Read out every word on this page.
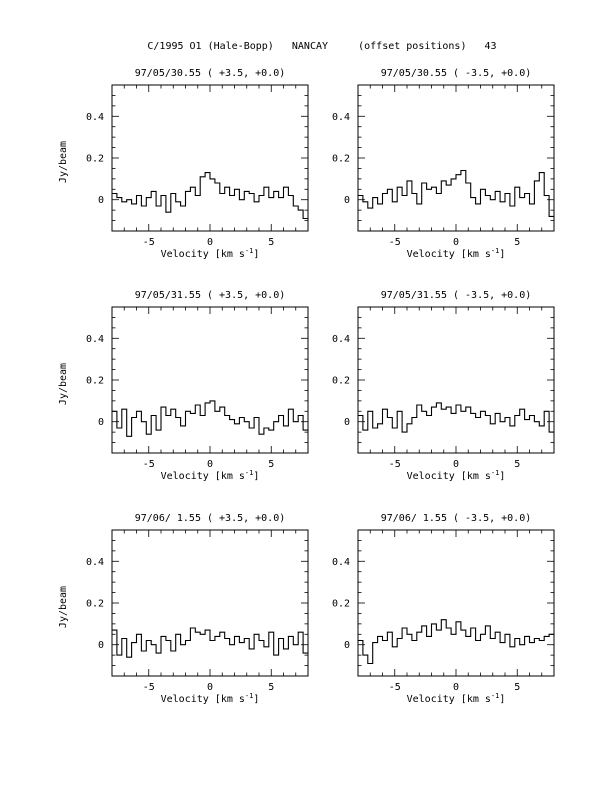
C/1995 O1 (Hale-Bopp)   NANCAY     (offset positions)   43
97/05/30.55 ( +3.5, +0.0)
-5	0	5
0
0.2
0.4
Velocity [km $s^{-1}$]
Jy/beam
97/05/30.55 ( -3.5, +0.0)
-5	0	5
0
0.2
0.4
Velocity [km $s^{-1}$]
97/05/31.55 ( +3.5, +0.0)
-5	0	5
0
0.2
0.4
Velocity [km $s^{-1}$]
Jy/beam
97/05/31.55 ( -3.5, +0.0)
-5	0	5
0
0.2
0.4
Velocity [km $s^{-1}$]
97/06/ 1.55 ( +3.5, +0.0)
-5	0	5
0
0.2
0.4
Velocity [km $s^{-1}$]
Jy/beam
97/06/ 1.55 ( -3.5, +0.0)
-5	0	5
0
0.2
0.4
Velocity [km $s^{-1}$]
